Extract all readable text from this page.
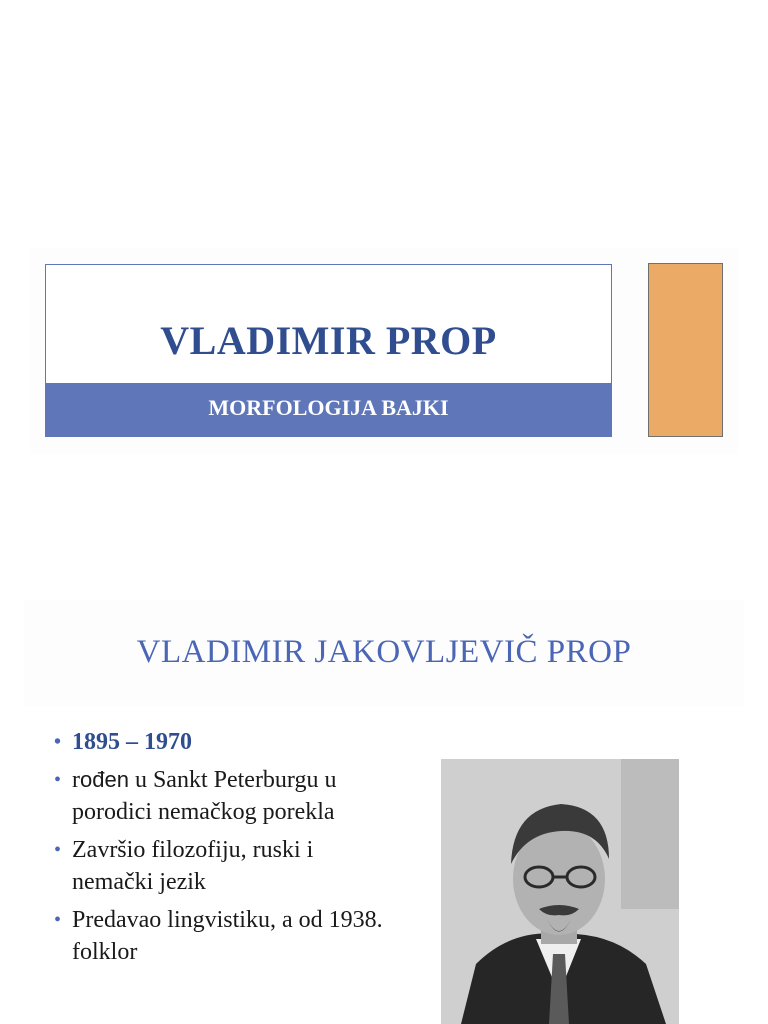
VLADIMIR PROP
MORFOLOGIJA BAJKI
VLADIMIR JAKOVLJEVIČ PROP
• 1895 – 1970
• rođen u Sankt Peterburgu u porodici nemačkog porekla
• Završio filozofiju, ruski i nemački jezik
• Predavao lingvistiku, a od 1938. folklor
